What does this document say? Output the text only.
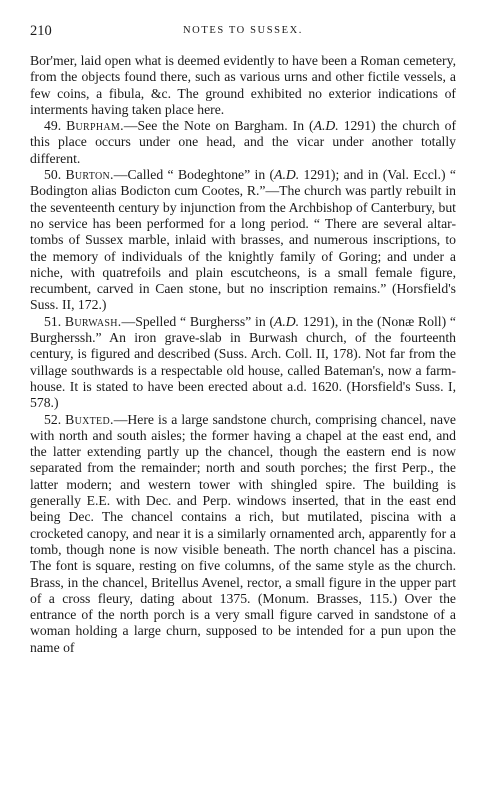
210	NOTES TO SUSSEX.

Bor'mer, laid open what is deemed evidently to have been a Roman cemetery, from the objects found there, such as various urns and other fictile vessels, a few coins, a fibula, &c. The ground exhibited no exterior indications of interments having taken place here.

49. Burpham.—See the Note on Bargham. In (A.D. 1291) the church of this place occurs under one head, and the vicar under another totally different.

50. Burton.—Called “ Bodeghtone” in (A.D. 1291); and in (Val. Eccl.) “ Bodington alias Bodicton cum Cootes, R.”—The church was partly rebuilt in the seventeenth century by injunction from the Archbishop of Canterbury, but no service has been performed for a long period. “ There are several altar-tombs of Sussex marble, inlaid with brasses, and numerous inscriptions, to the memory of individuals of the knightly family of Goring; and under a niche, with quatrefoils and plain escutcheons, is a small female figure, recumbent, carved in Caen stone, but no inscription remains.” (Horsfield's Suss. II, 172.)

51. Burwash.—Spelled “ Burgherss” in (A.D. 1291), in the (Nonæ Roll) “ Burgherssh.” An iron grave-slab in Burwash church, of the fourteenth century, is figured and described (Suss. Arch. Coll. II, 178). Not far from the village southwards is a respectable old house, called Bateman's, now a farm-house. It is stated to have been erected about a.d. 1620. (Horsfield's Suss. I, 578.)

52. Buxted.—Here is a large sandstone church, comprising chancel, nave with north and south aisles; the former having a chapel at the east end, and the latter extending partly up the chancel, though the eastern end is now separated from the remainder; north and south porches; the first Perp., the latter modern; and western tower with shingled spire. The building is generally E.E. with Dec. and Perp. windows inserted, that in the east end being Dec. The chancel contains a rich, but mutilated, piscina with a crocketed canopy, and near it is a similarly ornamented arch, apparently for a tomb, though none is now visible beneath. The north chancel has a piscina. The font is square, resting on five columns, of the same style as the church. Brass, in the chancel, Britellus Avenel, rector, a small figure in the upper part of a cross fleury, dating about 1375. (Monum. Brasses, 115.) Over the entrance of the north porch is a very small figure carved in sandstone of a woman holding a large churn, supposed to be intended for a pun upon the name of
